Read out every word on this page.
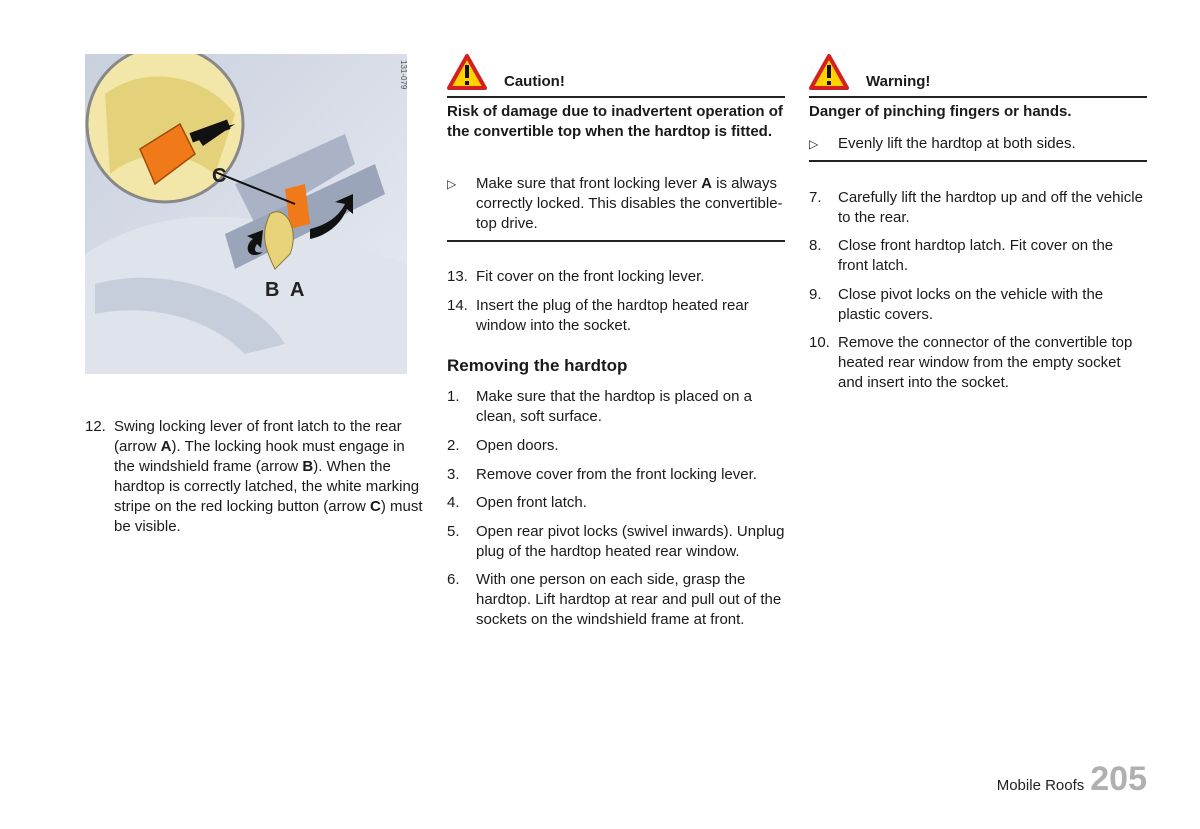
C
B A
131-079
12. Swing locking lever of front latch to the rear (arrow A). The locking hook must engage in the windshield frame (arrow B). When the hardtop is correctly latched, the white marking stripe on the red locking button (arrow C) must be visible.
Caution!
Risk of damage due to inadvertent operation of the convertible top when the hardtop is fitted.
▷ Make sure that front locking lever A is always correctly locked. This disables the convertible-top drive.
13. Fit cover on the front locking lever.
14. Insert the plug of the hardtop heated rear window into the socket.
Removing the hardtop
1. Make sure that the hardtop is placed on a clean, soft surface.
2. Open doors.
3. Remove cover from the front locking lever.
4. Open front latch.
5. Open rear pivot locks (swivel inwards). Unplug plug of the hardtop heated rear window.
6. With one person on each side, grasp the hardtop. Lift hardtop at rear and pull out of the sockets on the windshield frame at front.
Warning!
Danger of pinching fingers or hands.
▷ Evenly lift the hardtop at both sides.
7. Carefully lift the hardtop up and off the vehicle to the rear.
8. Close front hardtop latch. Fit cover on the front latch.
9. Close pivot locks on the vehicle with the plastic covers.
10. Remove the connector of the convertible top heated rear window from the empty socket and insert into the socket.
Mobile Roofs 205
